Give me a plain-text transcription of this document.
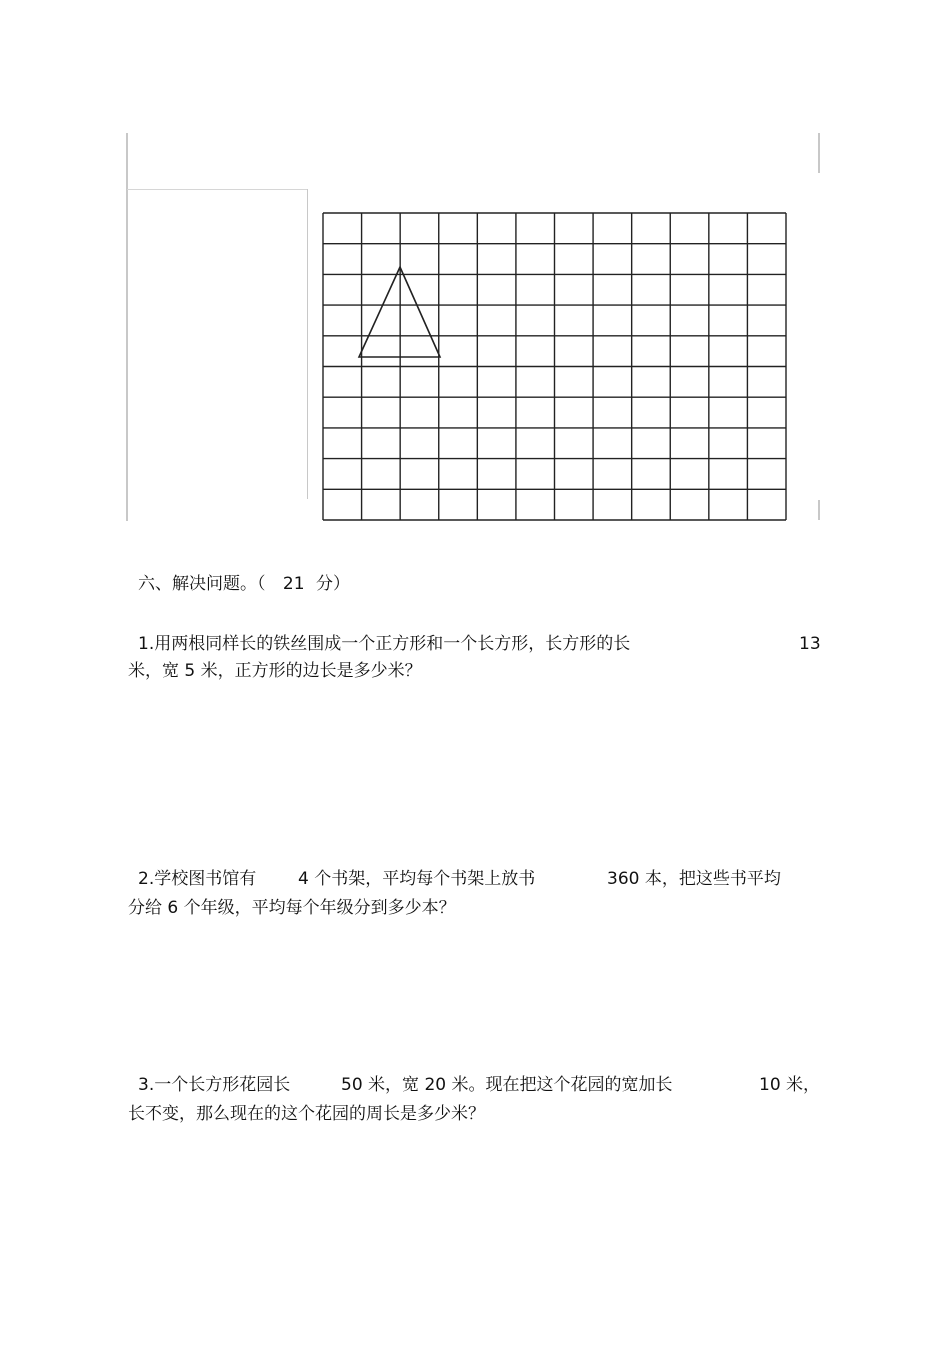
六、解决问题。（ 21 分）
1.用两根同样长的铁丝围成一个正方形和一个长方形，长方形的长	13
米，宽 5 米，正方形的边长是多少米？
2.学校图书馆有 4 个书架，平均每个书架上放书	360 本，把这些书平均
分给 6 个年级，平均每个年级分到多少本？
3.一个长方形花园长	50 米，宽 20 米。现在把这个花园的宽加长	10 米，
长不变，那么现在的这个花园的周长是多少米？
